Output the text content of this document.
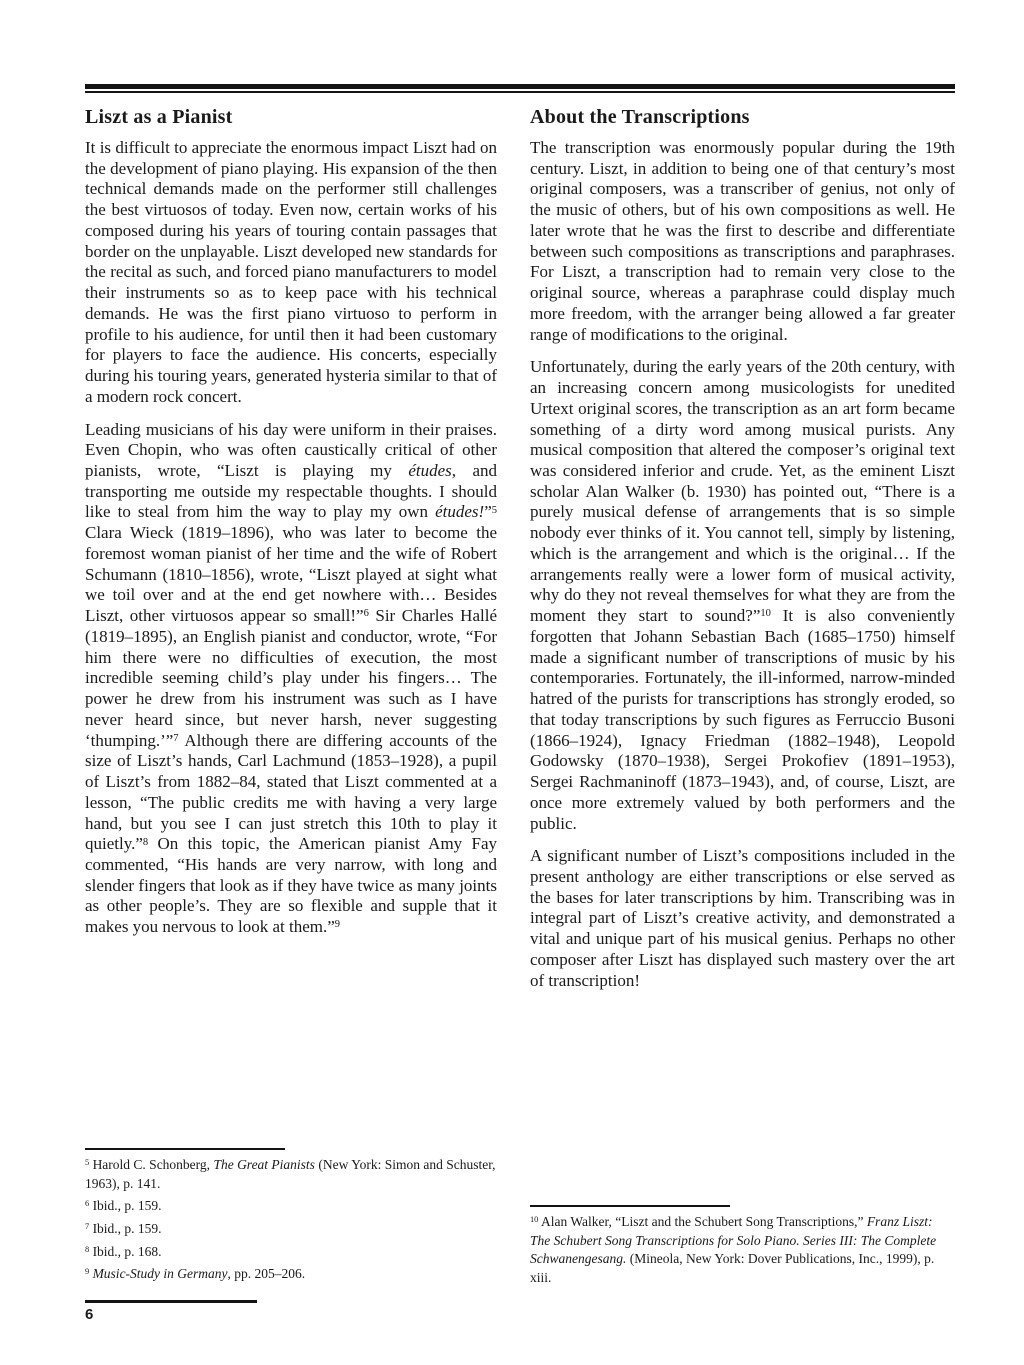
Liszt as a Pianist

It is difficult to appreciate the enormous impact Liszt had on the development of piano playing. His expansion of the then technical demands made on the performer still challenges the best virtuosos of today. Even now, certain works of his composed during his years of touring contain passages that border on the unplayable. Liszt developed new standards for the recital as such, and forced piano manufacturers to model their instruments so as to keep pace with his technical demands. He was the first piano virtuoso to perform in profile to his audience, for until then it had been customary for players to face the audience. His concerts, especially during his touring years, generated hysteria similar to that of a modern rock concert.

Leading musicians of his day were uniform in their praises. Even Chopin, who was often caustically critical of other pianists, wrote, “Liszt is playing my études, and transporting me outside my respectable thoughts. I should like to steal from him the way to play my own études!”$^5$ Clara Wieck (1819–1896), who was later to become the foremost woman pianist of her time and the wife of Robert Schumann (1810–1856), wrote, “Liszt played at sight what we toil over and at the end get nowhere with… Besides Liszt, other virtuosos appear so small!”$^6$ Sir Charles Hallé (1819–1895), an English pianist and conductor, wrote, “For him there were no difficulties of execution, the most incredible seeming child’s play under his fingers… The power he drew from his instrument was such as I have never heard since, but never harsh, never suggesting ‘thumping.’”$^7$ Although there are differing accounts of the size of Liszt’s hands, Carl Lachmund (1853–1928), a pupil of Liszt’s from 1882–84, stated that Liszt commented at a lesson, “The public credits me with having a very large hand, but you see I can just stretch this 10th to play it quietly.”$^8$ On this topic, the American pianist Amy Fay commented, “His hands are very narrow, with long and slender fingers that look as if they have twice as many joints as other people’s. They are so flexible and supple that it makes you nervous to look at them.”$^9$

About the Transcriptions

The transcription was enormously popular during the 19th century. Liszt, in addition to being one of that century’s most original composers, was a transcriber of genius, not only of the music of others, but of his own compositions as well. He later wrote that he was the first to describe and differentiate between such compositions as transcriptions and paraphrases. For Liszt, a transcription had to remain very close to the original source, whereas a paraphrase could display much more freedom, with the arranger being allowed a far greater range of modifications to the original.

Unfortunately, during the early years of the 20th century, with an increasing concern among musicologists for unedited Urtext original scores, the transcription as an art form became something of a dirty word among musical purists. Any musical composition that altered the composer’s original text was considered inferior and crude. Yet, as the eminent Liszt scholar Alan Walker (b. 1930) has pointed out, “There is a purely musical defense of arrangements that is so simple nobody ever thinks of it. You cannot tell, simply by listening, which is the arrangement and which is the original… If the arrangements really were a lower form of musical activity, why do they not reveal themselves for what they are from the moment they start to sound?”$^{10}$ It is also conveniently forgotten that Johann Sebastian Bach (1685–1750) himself made a significant number of transcriptions of music by his contemporaries. Fortunately, the ill-informed, narrow-minded hatred of the purists for transcriptions has strongly eroded, so that today transcriptions by such figures as Ferruccio Busoni (1866–1924), Ignacy Friedman (1882–1948), Leopold Godowsky (1870–1938), Sergei Prokofiev (1891–1953), Sergei Rachmaninoff (1873–1943), and, of course, Liszt, are once more extremely valued by both performers and the public.

A significant number of Liszt’s compositions included in the present anthology are either transcriptions or else served as the bases for later transcriptions by him. Transcribing was in integral part of Liszt’s creative activity, and demonstrated a vital and unique part of his musical genius. Perhaps no other composer after Liszt has displayed such mastery over the art of transcription!

$^5$ Harold C. Schonberg, The Great Pianists (New York: Simon and Schuster, 1963), p. 141.

$^6$ Ibid., p. 159.

$^7$ Ibid., p. 159.

$^8$ Ibid., p. 168.

$^9$ Music-Study in Germany, pp. 205–206.

$^{10}$ Alan Walker, “Liszt and the Schubert Song Transcriptions,” Franz Liszt: The Schubert Song Transcriptions for Solo Piano. Series III: The Complete Schwanengesang. (Mineola, New York: Dover Publications, Inc., 1999), p. xiii.

6
